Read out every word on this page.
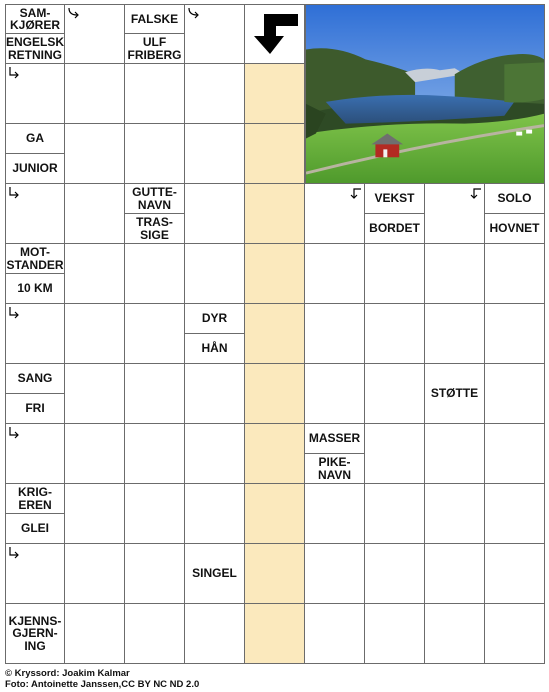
SAM-
KJØRER
ENGELSK
RETNING
GA
JUNIOR
MOT-
STANDER
10 KM
SANG
FRI
KRIG-
EREN
GLEI
KJENNS-
GJERN-
ING
FALSKE
ULF
FRIBERG
GUTTE-
NAVN
TRAS-
SIGE
DYR
HÅN
SINGEL
MASSER
PIKE-
NAVN
VEKST
BORDET
STØTTE
SOLO
HOVNET
© Kryssord: Joakim Kalmar
Foto: Antoinette Janssen,CC BY NC ND 2.0
